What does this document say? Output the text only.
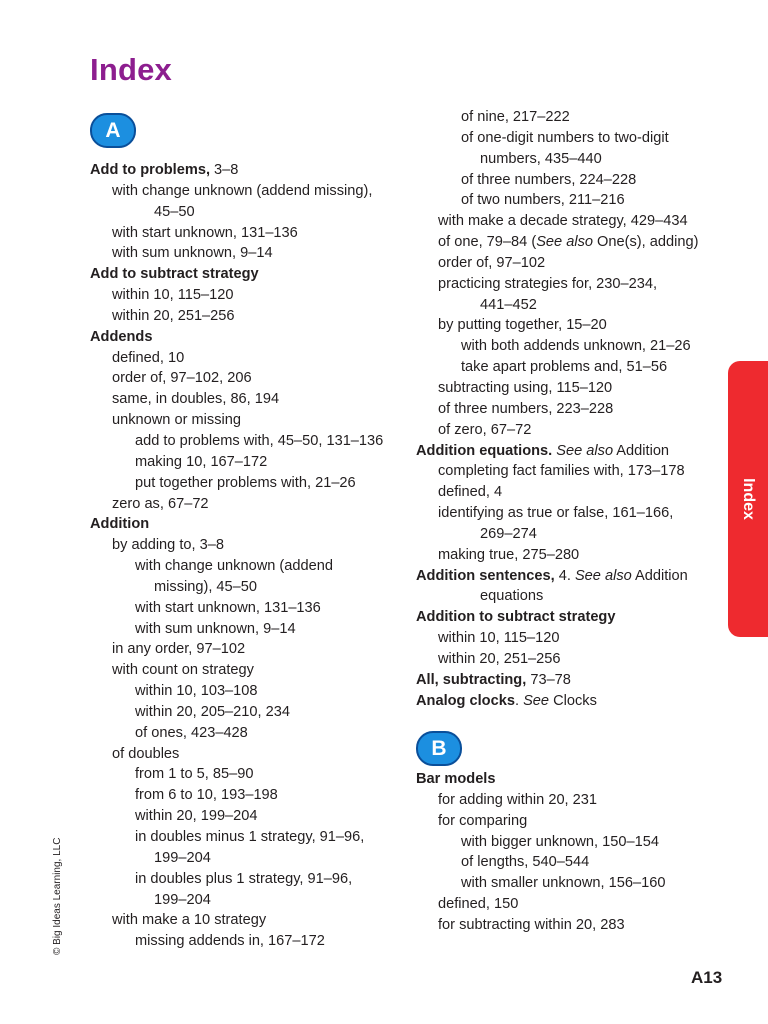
Index
A
B
Add to problems, 3–8
with change unknown (addend missing),
45–50
with start unknown, 131–136
with sum unknown, 9–14
Add to subtract strategy
within 10, 115–120
within 20, 251–256
Addends
defined, 10
order of, 97–102, 206
same, in doubles, 86, 194
unknown or missing
add to problems with, 45–50, 131–136
making 10, 167–172
put together problems with, 21–26
zero as, 67–72
Addition
by adding to, 3–8
with change unknown (addend
missing), 45–50
with start unknown, 131–136
with sum unknown, 9–14
in any order, 97–102
with count on strategy
within 10, 103–108
within 20, 205–210, 234
of ones, 423–428
of doubles
from 1 to 5, 85–90
from 6 to 10, 193–198
within 20, 199–204
in doubles minus 1 strategy, 91–96,
199–204
in doubles plus 1 strategy, 91–96,
199–204
with make a 10 strategy
missing addends in, 167–172
of nine, 217–222
of one-digit numbers to two-digit
numbers, 435–440
of three numbers, 224–228
of two numbers, 211–216
with make a decade strategy, 429–434
of one, 79–84 (See also One(s), adding)
order of, 97–102
practicing strategies for, 230–234,
441–452
by putting together, 15–20
with both addends unknown, 21–26
take apart problems and, 51–56
subtracting using, 115–120
of three numbers, 223–228
of zero, 67–72
Addition equations. See also Addition
completing fact families with, 173–178
defined, 4
identifying as true or false, 161–166,
269–274
making true, 275–280
Addition sentences, 4. See also Addition
equations
Addition to subtract strategy
within 10, 115–120
within 20, 251–256
All, subtracting, 73–78
Analog clocks. See Clocks
Bar models
for adding within 20, 231
for comparing
with bigger unknown, 150–154
of lengths, 540–544
with smaller unknown, 156–160
defined, 150
for subtracting within 20, 283
Index
© Big Ideas Learning, LLC
A13
